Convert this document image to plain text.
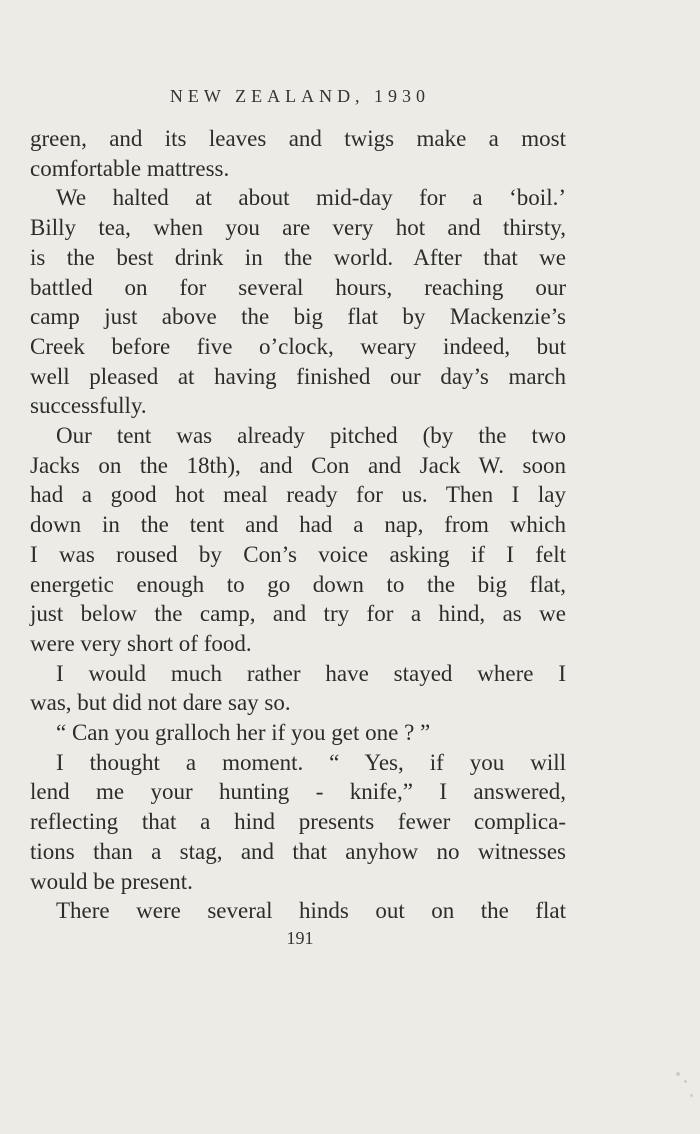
NEW ZEALAND, 1930

green, and its leaves and twigs make a most
comfortable mattress.

We halted at about mid-day for a ‘boil.’
Billy tea, when you are very hot and thirsty,
is the best drink in the world. After that we
battled on for several hours, reaching our
camp just above the big flat by Mackenzie’s
Creek before five o’clock, weary indeed, but
well pleased at having finished our day’s march
successfully.

Our tent was already pitched (by the two
Jacks on the 18th), and Con and Jack W. soon
had a good hot meal ready for us. Then I lay
down in the tent and had a nap, from which
I was roused by Con’s voice asking if I felt
energetic enough to go down to the big flat,
just below the camp, and try for a hind, as we
were very short of food.

I would much rather have stayed where I
was, but did not dare say so.

“ Can you gralloch her if you get one ? ”

I thought a moment. “ Yes, if you will
lend me your hunting - knife,” I answered,
reflecting that a hind presents fewer complica-
tions than a stag, and that anyhow no witnesses
would be present.

There were several hinds out on the flat

191
